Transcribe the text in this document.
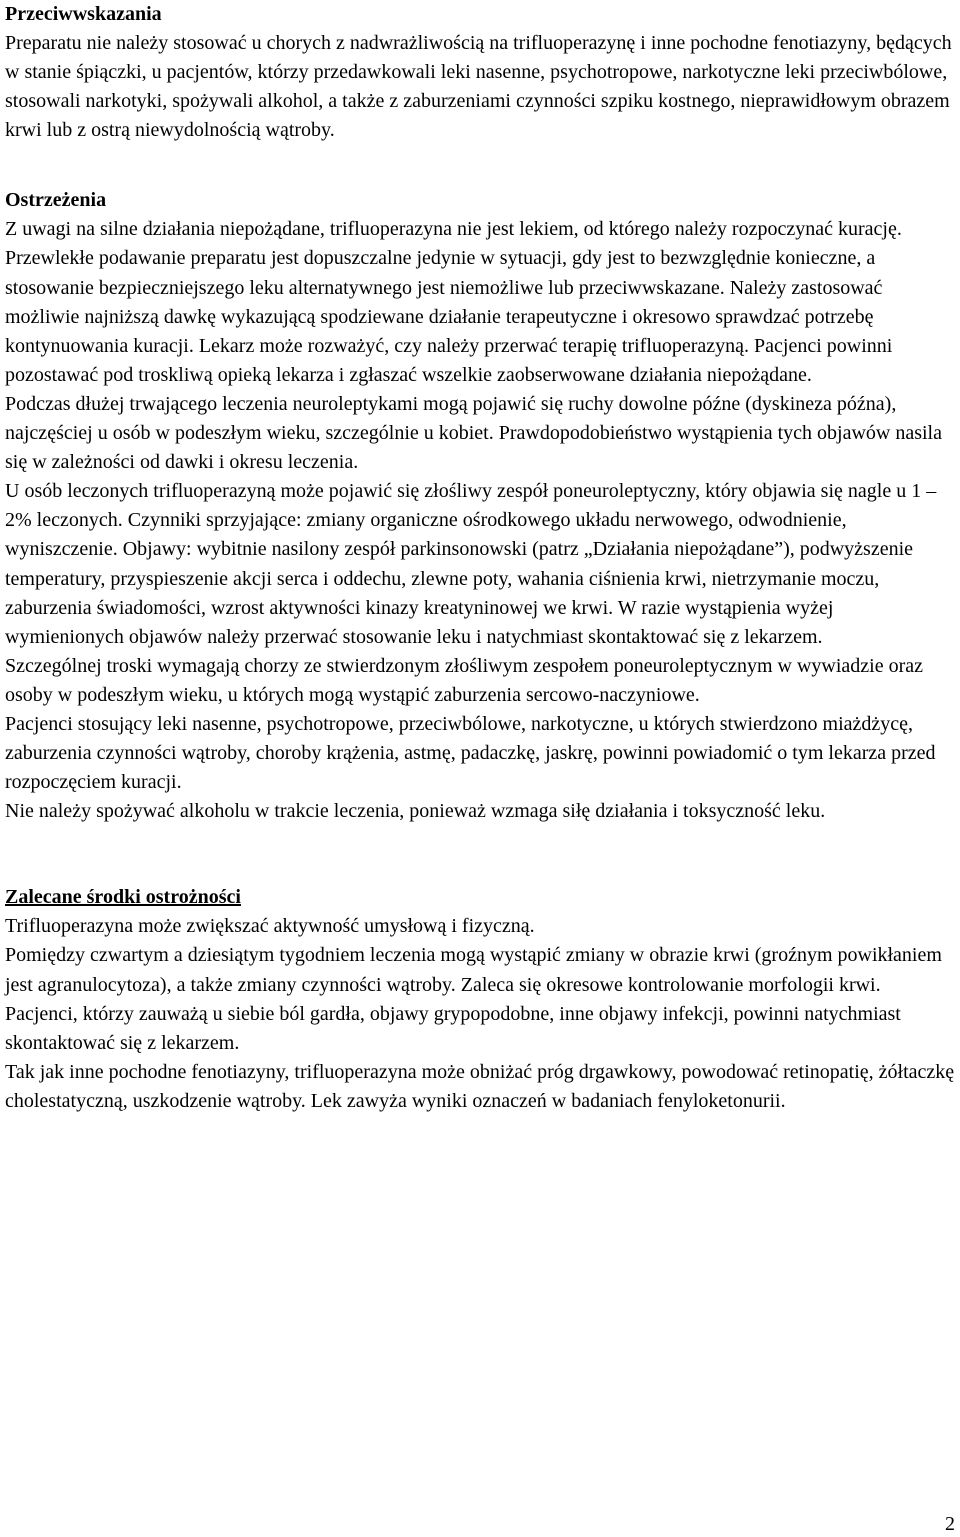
Przeciwwskazania

Preparatu nie należy stosować u chorych z nadwrażliwością na trifluoperazynę i inne pochodne fenotiazyny, będących w stanie śpiączki, u pacjentów, którzy przedawkowali leki nasenne, psychotropowe, narkotyczne leki przeciwbólowe, stosowali narkotyki, spożywali alkohol, a także z zaburzeniami czynności szpiku kostnego, nieprawidłowym obrazem krwi lub z ostrą niewydolnością wątroby.

Ostrzeżenia

Z uwagi na silne działania niepożądane, trifluoperazyna nie jest lekiem, od którego należy rozpoczynać kurację. Przewlekłe podawanie preparatu jest dopuszczalne jedynie w sytuacji, gdy jest to bezwzględnie konieczne, a stosowanie bezpieczniejszego leku alternatywnego jest niemożliwe lub przeciwwskazane. Należy zastosować możliwie najniższą dawkę wykazującą spodziewane działanie terapeutyczne i okresowo sprawdzać potrzebę kontynuowania kuracji. Lekarz może rozważyć, czy należy przerwać terapię trifluoperazyną. Pacjenci powinni pozostawać pod troskliwą opieką lekarza i zgłaszać wszelkie zaobserwowane działania niepożądane.

Podczas dłużej trwającego leczenia neuroleptykami mogą pojawić się ruchy dowolne późne (dyskineza późna), najczęściej u osób w podeszłym wieku, szczególnie u kobiet. Prawdopodobieństwo wystąpienia tych objawów nasila się w zależności od dawki i okresu leczenia.

U osób leczonych trifluoperazyną może pojawić się złośliwy zespół poneuroleptyczny, który objawia się nagle u 1 – 2% leczonych. Czynniki sprzyjające: zmiany organiczne ośrodkowego układu nerwowego, odwodnienie, wyniszczenie. Objawy: wybitnie nasilony zespół parkinsonowski (patrz „Działania niepożądane”), podwyższenie temperatury, przyspieszenie akcji serca i oddechu, zlewne poty, wahania ciśnienia krwi, nietrzymanie moczu, zaburzenia świadomości, wzrost aktywności kinazy kreatyninowej we krwi. W razie wystąpienia wyżej wymienionych objawów należy przerwać stosowanie leku i natychmiast skontaktować się z lekarzem.

Szczególnej troski wymagają chorzy ze stwierdzonym złośliwym zespołem poneuroleptycznym w wywiadzie oraz osoby w podeszłym wieku, u których mogą wystąpić zaburzenia sercowo-naczyniowe.

Pacjenci stosujący leki nasenne, psychotropowe, przeciwbólowe, narkotyczne, u których stwierdzono miażdżycę, zaburzenia czynności wątroby, choroby krążenia, astmę, padaczkę, jaskrę, powinni powiadomić o tym lekarza przed rozpoczęciem kuracji.

Nie należy spożywać alkoholu w trakcie leczenia, ponieważ wzmaga siłę działania i toksyczność leku.

Zalecane środki ostrożności

Trifluoperazyna może zwiększać aktywność umysłową i fizyczną.

Pomiędzy czwartym a dziesiątym tygodniem leczenia mogą wystąpić zmiany w obrazie krwi (groźnym powikłaniem jest agranulocytoza), a także zmiany czynności wątroby. Zaleca się okresowe kontrolowanie morfologii krwi. Pacjenci, którzy zauważą u siebie ból gardła, objawy grypopodobne, inne objawy infekcji, powinni natychmiast skontaktować się z lekarzem.

Tak jak inne pochodne fenotiazyny, trifluoperazyna może obniżać próg drgawkowy, powodować retinopatię, żółtaczkę cholestatyczną, uszkodzenie wątroby. Lek zawyża wyniki oznaczeń w badaniach fenyloketonurii.

2
